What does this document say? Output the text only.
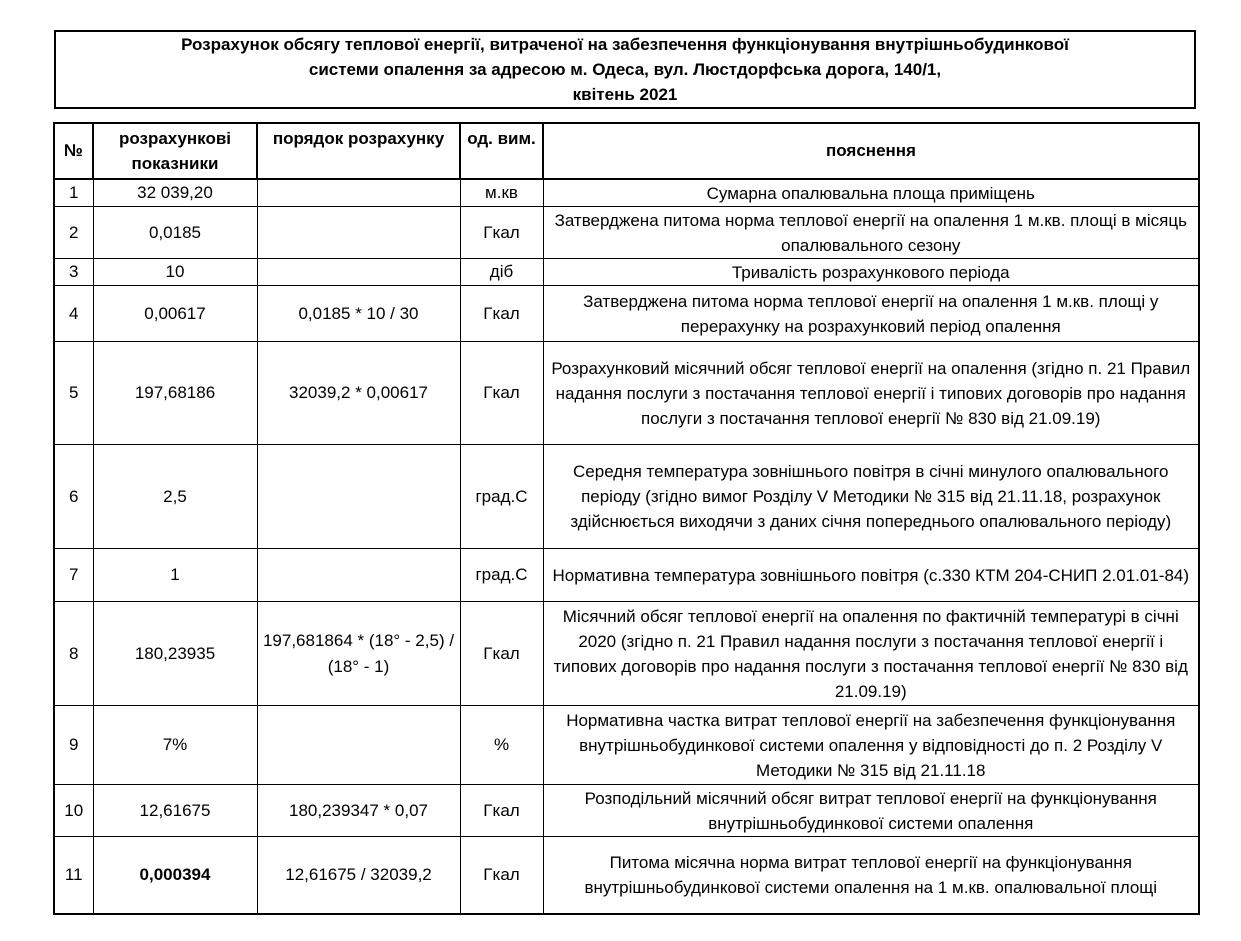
Розрахунок обсягу теплової енергії, витраченої на забезпечення функціонування внутрішньобудинкової
системи опалення за адресою м. Одеса, вул. Люстдорфська дорога, 140/1,
квітень 2021
№	розрахункові показники	порядок розрахунку	од. вим.	пояснення
1	32 039,20		м.кв	Сумарна опалювальна площа приміщень
2	0,0185		Гкал	Затверджена питома норма теплової енергії на опалення 1 м.кв. площі в місяць опалювального сезону
3	10		діб	Тривалість розрахункового періода
4	0,00617	0,0185 * 10 / 30	Гкал	Затверджена питома норма теплової енергії на опалення 1 м.кв. площі у перерахунку на розрахунковий період опалення
5	197,68186	32039,2 * 0,00617	Гкал	Розрахунковий місячний обсяг теплової енергії на опалення (згідно п. 21 Правил надання послуги з постачання теплової енергії і типових договорів про надання послуги з постачання теплової енергії № 830 від 21.09.19)
6	2,5		град.С	Середня температура зовнішнього повітря в січні минулого опалювального періоду (згідно вимог Розділу V Методики № 315 від 21.11.18, розрахунок здійснюється виходячи з даних січня попереднього опалювального періоду)
7	1		град.С	Нормативна температура зовнішнього повітря (с.330 КТМ 204-СНИП 2.01.01-84)
8	180,23935	197,681864 * (18° - 2,5) / (18° - 1)	Гкал	Місячний обсяг теплової енергії на опалення по фактичній температурі в січні 2020 (згідно п. 21 Правил надання послуги з постачання теплової енергії і типових договорів про надання послуги з постачання теплової енергії № 830 від 21.09.19)
9	7%		%	Нормативна частка витрат теплової енергії на забезпечення функціонування внутрішньобудинкової системи опалення у відповідності до п. 2 Розділу V Методики № 315 від 21.11.18
10	12,61675	180,239347 * 0,07	Гкал	Розподільний місячний обсяг витрат теплової енергії на функціонування внутрішньобудинкової системи опалення
11	0,000394	12,61675 / 32039,2	Гкал	Питома місячна норма витрат теплової енергії на функціонування внутрішньобудинкової системи опалення на 1 м.кв. опалювальної площі
